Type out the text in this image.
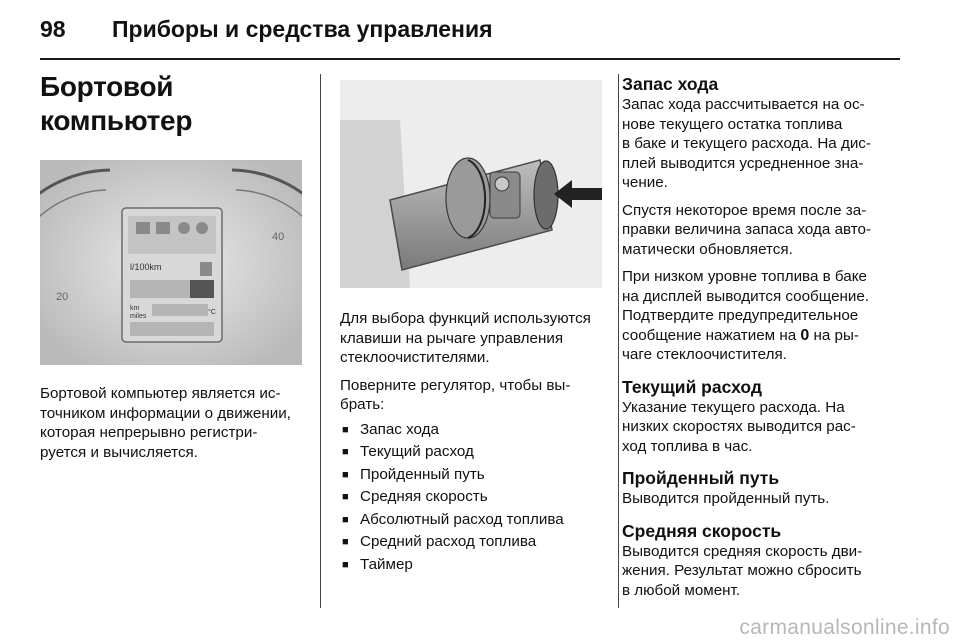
98 Приборы и средства управления
Бортовой компьютер
20
40
l/100km
km
miles
°C

Бортовой компьютер является ис-
точником информации о движении,
которая непрерывно регистри-
руется и вычисляется.

Для выбора функций используются
клавиши на рычаге управления
стеклоочистителями.

Поверните регулятор, чтобы вы-
брать:

■ Запас хода
■ Текущий расход
■ Пройденный путь
■ Средняя скорость
■ Абсолютный расход топлива
■ Средний расход топлива
■ Таймер
Запас хода

Запас хода рассчитывается на ос-
нове текущего остатка топлива
в баке и текущего расхода. На дис-
плей выводится усредненное зна-
чение.

Спустя некоторое время после за-
правки величина запаса хода авто-
матически обновляется.

При низком уровне топлива в баке
на дисплей выводится сообщение.
Подтвердите предупредительное
сообщение нажатием на 0 на ры-
чаге стеклоочистителя.

Текущий расход

Указание текущего расхода. На
низких скоростях выводится рас-
ход топлива в час.

Пройденный путь

Выводится пройденный путь.

Средняя скорость

Выводится средняя скорость дви-
жения. Результат можно сбросить
в любой момент.

carmanualsonline.info
